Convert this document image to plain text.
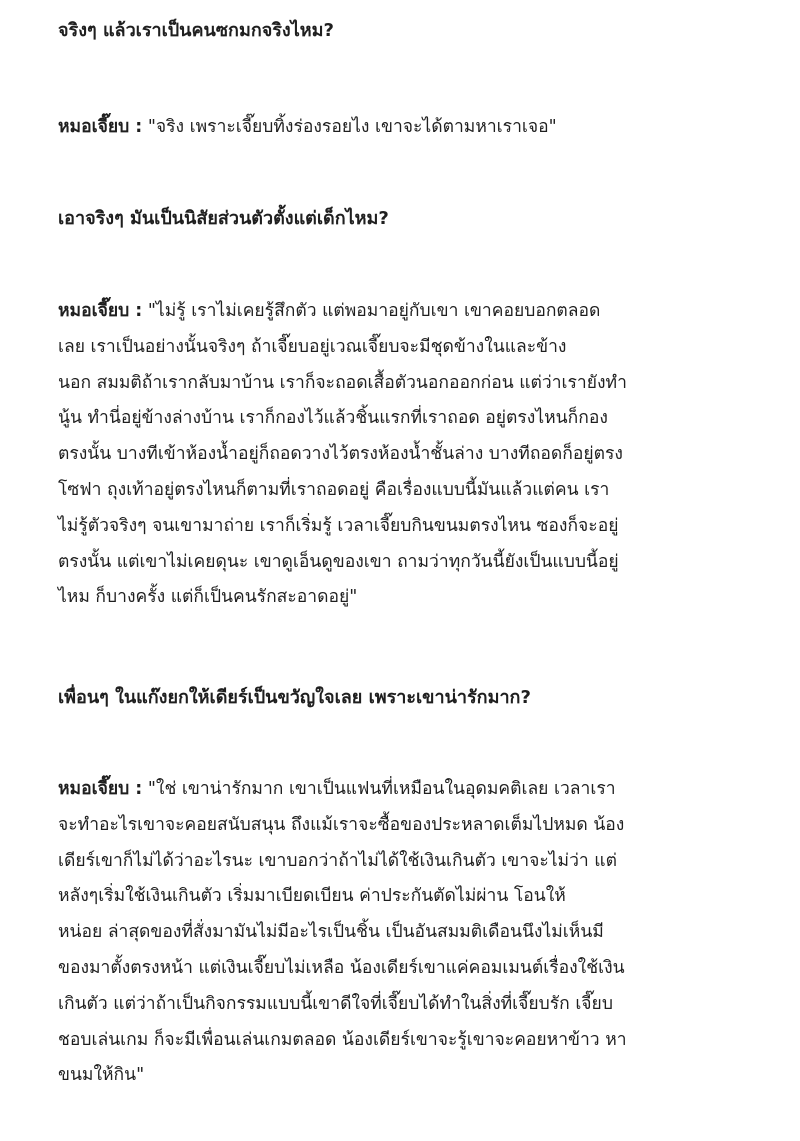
จริงๆ แล้วเราเป็นคนซกมกจริงไหม?

หมอเจี๊ยบ : "จริง เพราะเจี๊ยบทิ้งร่องรอยไง เขาจะได้ตามหาเราเจอ"

เอาจริงๆ มันเป็นนิสัยส่วนตัวตั้งแต่เด็กไหม?

หมอเจี๊ยบ : "ไม่รู้ เราไม่เคยรู้สึกตัว แต่พอมาอยู่กับเขา เขาคอยบอกตลอด
เลย เราเป็นอย่างนั้นจริงๆ ถ้าเจี๊ยบอยู่เวณเจี๊ยบจะมีชุดข้างในและข้าง
นอก สมมติถ้าเรากลับมาบ้าน เราก็จะถอดเสื้อตัวนอกออกก่อน แต่ว่าเรายังทำ
นู้น ทำนี่อยู่ข้างล่างบ้าน เราก็กองไว้แล้วชิ้นแรกที่เราถอด อยู่ตรงไหนก็กอง
ตรงนั้น บางทีเข้าห้องน้ำอยู่ก็ถอดวางไว้ตรงห้องน้ำชั้นล่าง บางทีถอดก็อยู่ตรง
โซฟา ถุงเท้าอยู่ตรงไหนก็ตามที่เราถอดอยู่ คือเรื่องแบบนี้มันแล้วแต่คน เรา
ไม่รู้ตัวจริงๆ จนเขามาถ่าย เราก็เริ่มรู้ เวลาเจี๊ยบกินขนมตรงไหน ซองก็จะอยู่
ตรงนั้น แต่เขาไม่เคยดุนะ เขาดูเอ็นดูของเขา ถามว่าทุกวันนี้ยังเป็นแบบนี้อยู่
ไหม ก็บางครั้ง แต่ก็เป็นคนรักสะอาดอยู่"

เพื่อนๆ ในแก๊งยกให้เดียร์เป็นขวัญใจเลย เพราะเขาน่ารักมาก?

หมอเจี๊ยบ : "ใช่ เขาน่ารักมาก เขาเป็นแฟนที่เหมือนในอุดมคติเลย เวลาเรา
จะทำอะไรเขาจะคอยสนับสนุน ถึงแม้เราจะซื้อของประหลาดเต็มไปหมด น้อง
เดียร์เขาก็ไม่ได้ว่าอะไรนะ เขาบอกว่าถ้าไม่ได้ใช้เงินเกินตัว เขาจะไม่ว่า แต่
หลังๆเริ่มใช้เงินเกินตัว เริ่มมาเบียดเบียน ค่าประกันตัดไม่ผ่าน โอนให้
หน่อย ล่าสุดของที่สั่งมามันไม่มีอะไรเป็นชิ้น เป็นอันสมมติเดือนนึงไม่เห็นมี
ของมาตั้งตรงหน้า แต่เงินเจี๊ยบไม่เหลือ น้องเดียร์เขาแค่คอมเมนต์เรื่องใช้เงิน
เกินตัว แต่ว่าถ้าเป็นกิจกรรมแบบนี้เขาดีใจที่เจี๊ยบได้ทำในสิ่งที่เจี๊ยบรัก เจี๊ยบ
ชอบเล่นเกม ก็จะมีเพื่อนเล่นเกมตลอด น้องเดียร์เขาจะรู้เขาจะคอยหาข้าว หา
ขนมให้กิน"
